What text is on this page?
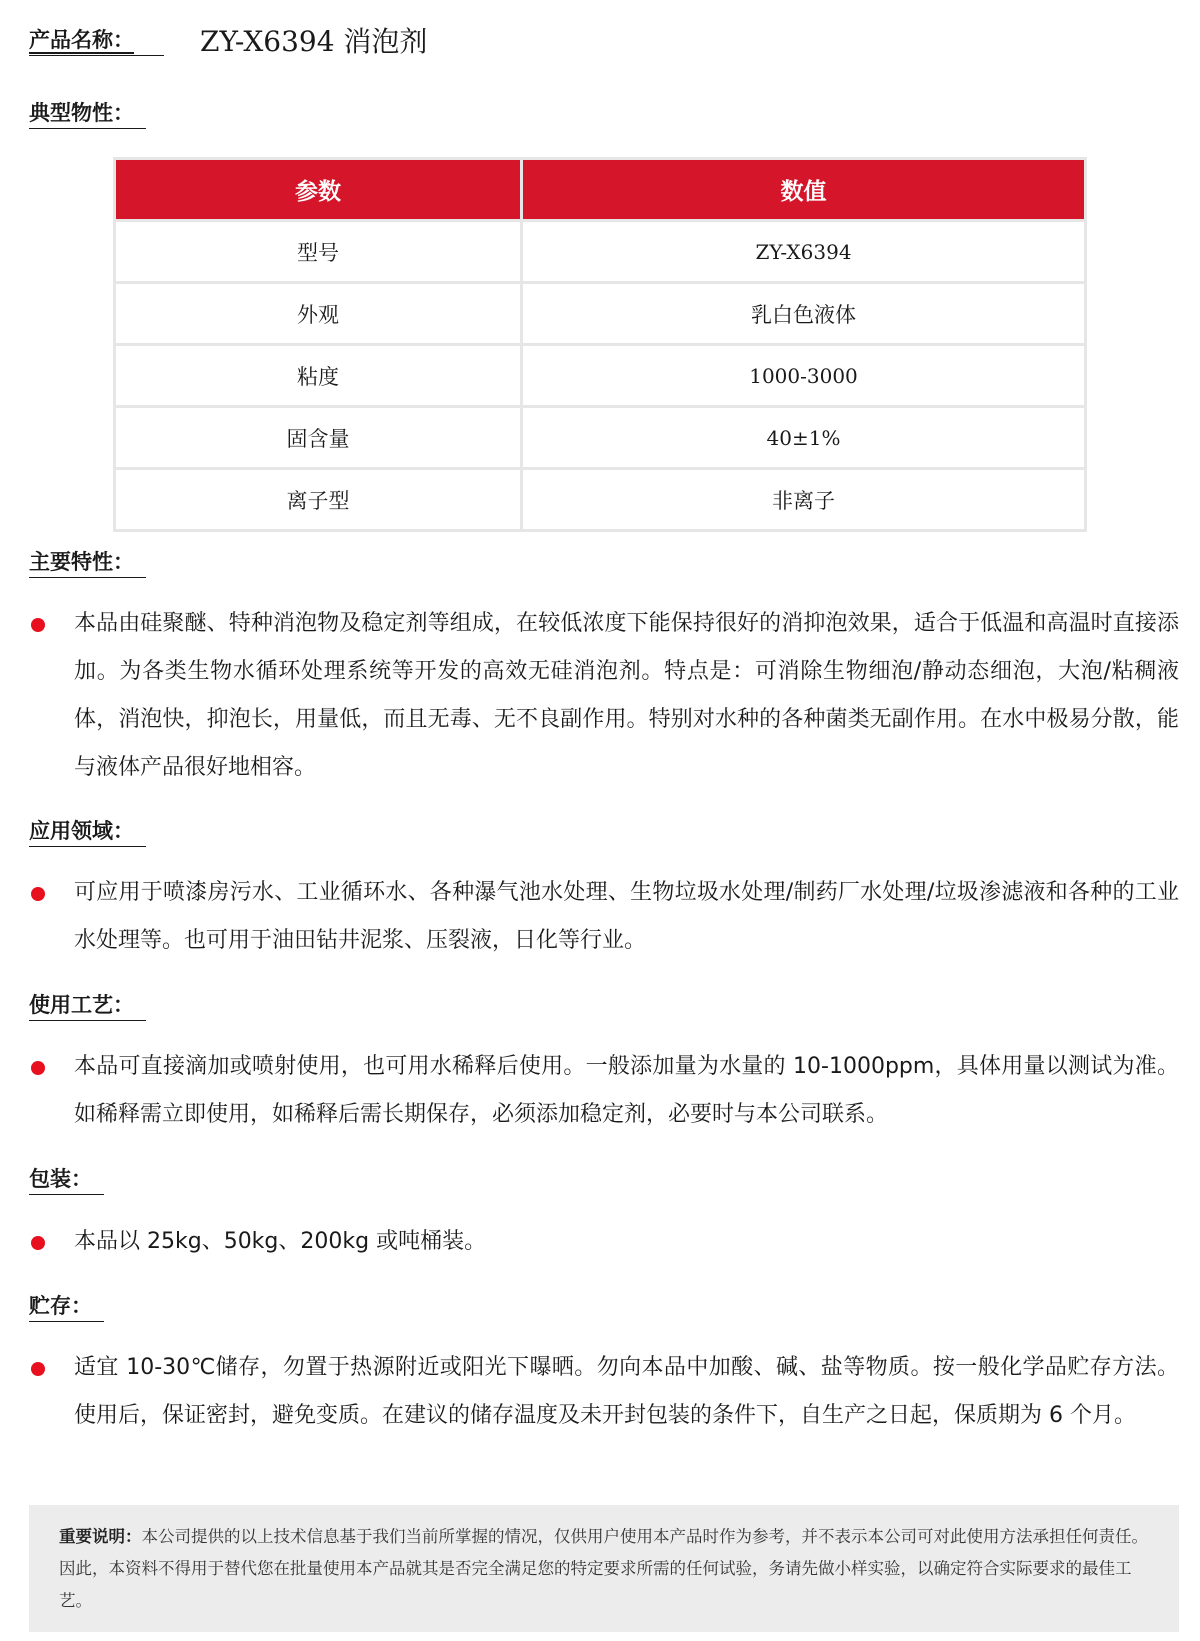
产品名称：	ZY-X6394 消泡剂
典型物性：
参数	数值
型号	ZY-X6394
外观	乳白色液体
粘度	1000-3000
固含量	40±1%
离子型	非离子
主要特性：
本品由硅聚醚、特种消泡物及稳定剂等组成，在较低浓度下能保持很好的消抑泡效果，适合于低温和高温时直接添加。为各类生物水循环处理系统等开发的高效无硅消泡剂。特点是：可消除生物细泡/静动态细泡，大泡/粘稠液体，消泡快，抑泡长，用量低，而且无毒、无不良副作用。特别对水种的各种菌类无副作用。在水中极易分散，能与液体产品很好地相容。
应用领域：
可应用于喷漆房污水、工业循环水、各种瀑气池水处理、生物垃圾水处理/制药厂水处理/垃圾渗滤液和各种的工业水处理等。也可用于油田钻井泥浆、压裂液，日化等行业。
使用工艺：
本品可直接滴加或喷射使用，也可用水稀释后使用。一般添加量为水量的 10-1000ppm，具体用量以测试为准。如稀释需立即使用，如稀释后需长期保存，必须添加稳定剂，必要时与本公司联系。
包装：
本品以 25kg、50kg、200kg 或吨桶装。
贮存：
适宜 10-30℃储存，勿置于热源附近或阳光下曝晒。勿向本品中加酸、碱、盐等物质。按一般化学品贮存方法。使用后，保证密封，避免变质。在建议的储存温度及未开封包装的条件下，自生产之日起，保质期为 6 个月。
重要说明：本公司提供的以上技术信息基于我们当前所掌握的情况，仅供用户使用本产品时作为参考，并不表示本公司可对此使用方法承担任何责任。因此，本资料不得用于替代您在批量使用本产品就其是否完全满足您的特定要求所需的任何试验，务请先做小样实验，以确定符合实际要求的最佳工艺。
